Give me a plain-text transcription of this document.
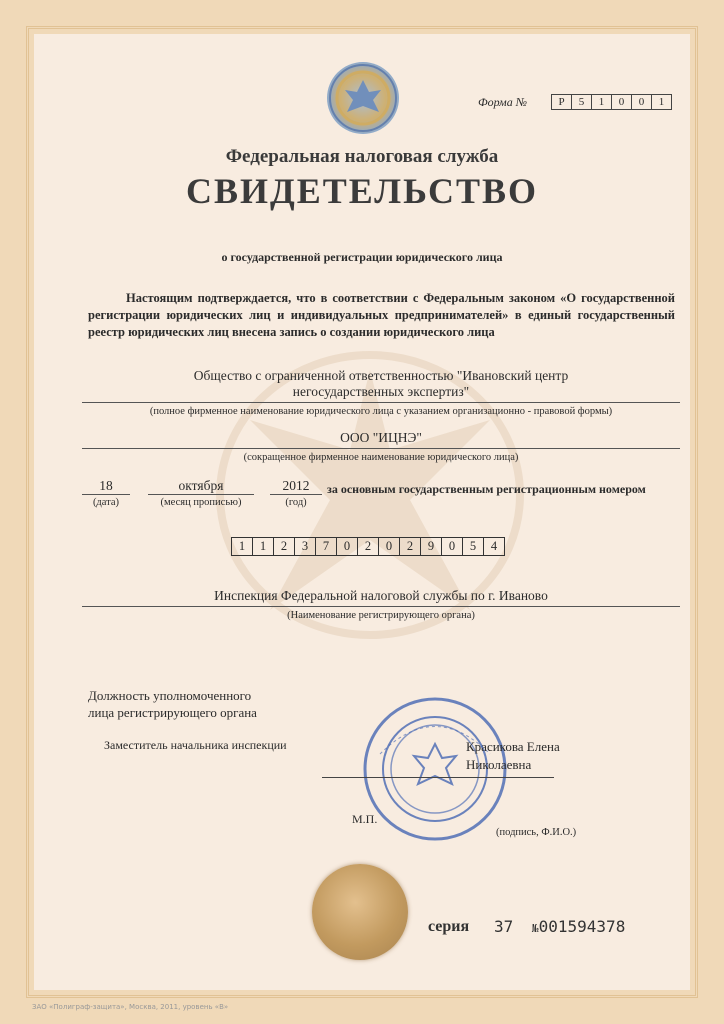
Форма №	Р	5	1	0	0	1
Федеральная налоговая служба
СВИДЕТЕЛЬСТВО
о государственной регистрации юридического лица
Настоящим подтверждается, что в соответствии с Федеральным законом «О государственной регистрации юридических лиц и индивидуальных предпринимателей» в единый государственный реестр юридических лиц внесена запись о создании юридического лица
Общество с ограниченной ответственностью "Ивановский центр негосударственных экспертиз"
(полное фирменное наименование юридического лица с указанием организационно - правовой формы)
ООО "ИЦНЭ"
(сокращенное фирменное наименование юридического лица)
18
(дата)
октября
(месяц прописью)
2012
(год)
за основным государственным регистрационным номером
1	1	2	3	7	0	2	0	2	9	0	5	4
Инспекция Федеральной налоговой службы по г. Иваново
(Наименование регистрирующего органа)
Должность уполномоченного
лица регистрирующего органа
Заместитель начальника инспекции	Красикова Елена
Николаевна
М.П.
(подпись, Ф.И.О.)
серия 37 №001594378
ЗАО «Полиграф-защита», Москва, 2011, уровень «В»
